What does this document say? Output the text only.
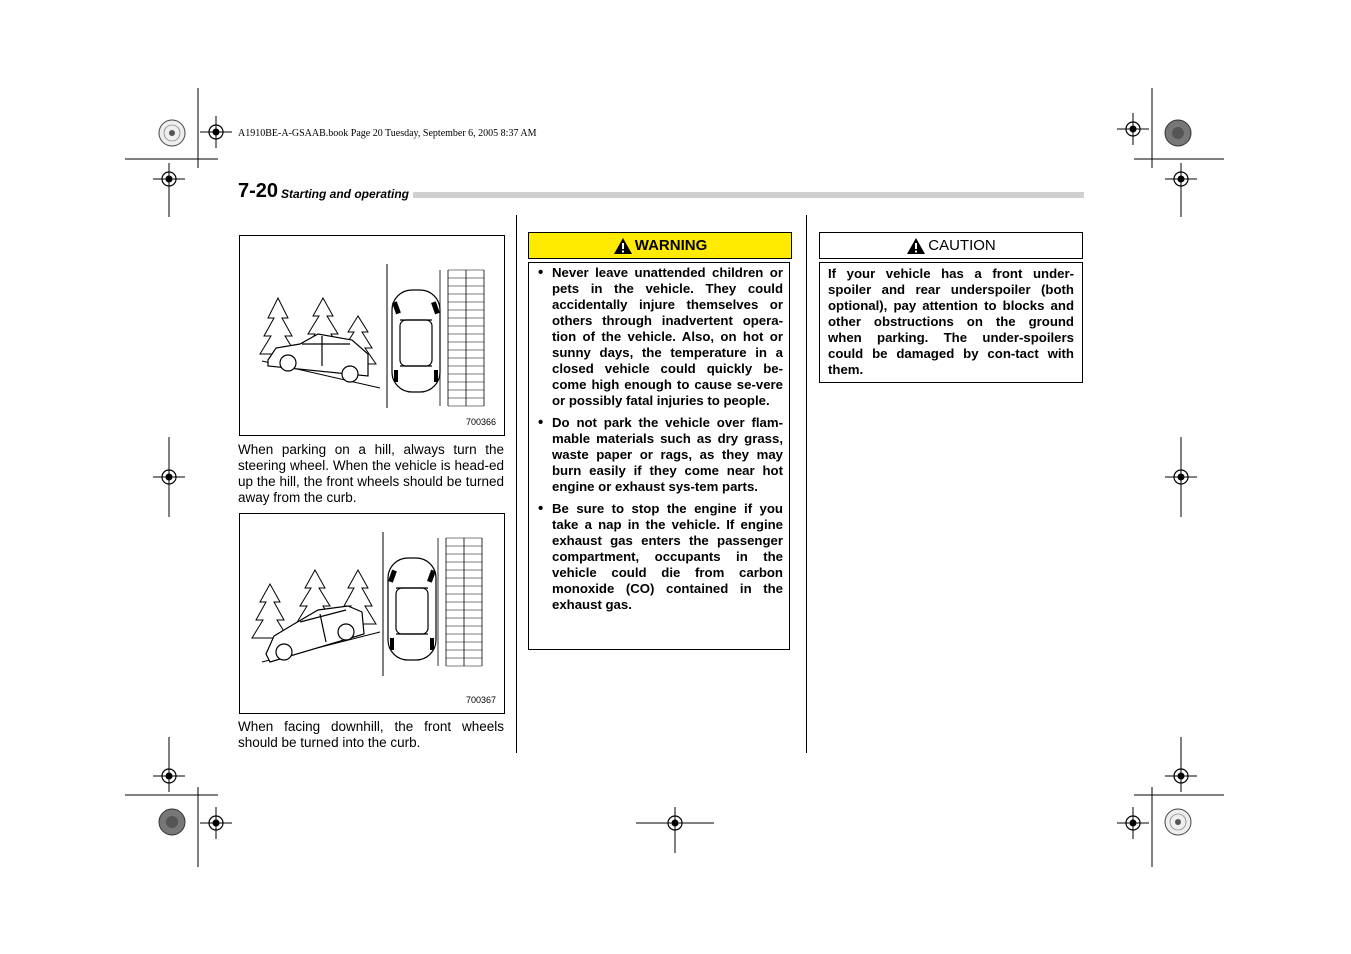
A1910BE-A-GSAAB.book Page 20 Tuesday, September 6, 2005 8:37 AM
7-20 Starting and operating
700366
When parking on a hill, always turn the steering wheel. When the vehicle is head-ed up the hill, the front wheels should be turned away from the curb.
700367
When facing downhill, the front wheels should be turned into the curb.
WARNING
• Never leave unattended children or pets in the vehicle. They could accidentally injure themselves or others through inadvertent opera-tion of the vehicle. Also, on hot or sunny days, the temperature in a closed vehicle could quickly be-come high enough to cause se-vere or possibly fatal injuries to people.
• Do not park the vehicle over flam-mable materials such as dry grass, waste paper or rags, as they may burn easily if they come near hot engine or exhaust sys-tem parts.
• Be sure to stop the engine if you take a nap in the vehicle. If engine exhaust gas enters the passenger compartment, occupants in the vehicle could die from carbon monoxide (CO) contained in the exhaust gas.
CAUTION
If your vehicle has a front under-spoiler and rear underspoiler (both optional), pay attention to blocks and other obstructions on the ground when parking. The under-spoilers could be damaged by con-tact with them.
